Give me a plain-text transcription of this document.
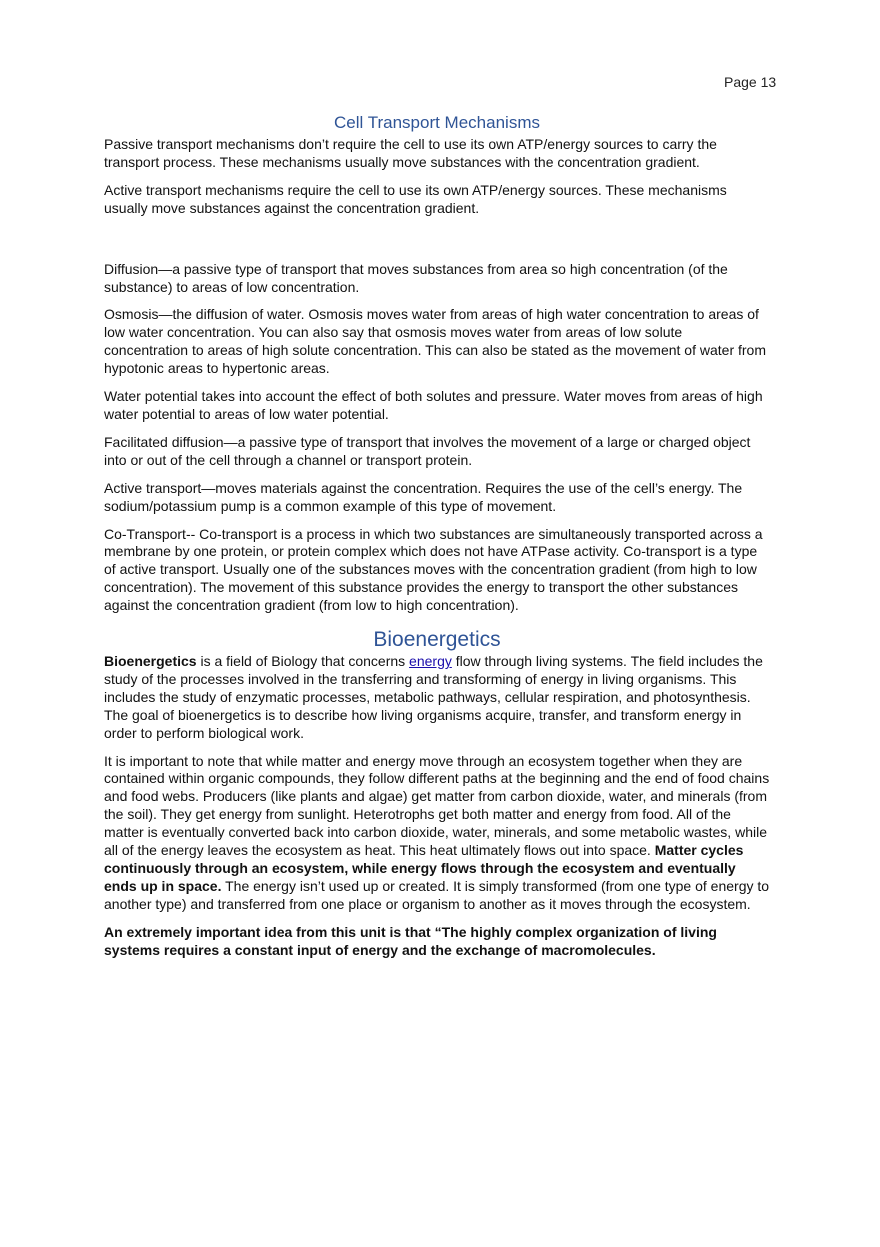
Page 13
Cell Transport Mechanisms

Passive transport mechanisms don’t require the cell to use its own ATP/energy sources to carry the transport process. These mechanisms usually move substances with the concentration gradient.

Active transport mechanisms require the cell to use its own ATP/energy sources. These mechanisms usually move substances against the concentration gradient.

Diffusion—a passive type of transport that moves substances from area so high concentration (of the substance) to areas of low concentration.

Osmosis—the diffusion of water. Osmosis moves water from areas of high water concentration to areas of low water concentration. You can also say that osmosis moves water from areas of low solute concentration to areas of high solute concentration. This can also be stated as the movement of water from hypotonic areas to hypertonic areas.

Water potential takes into account the effect of both solutes and pressure. Water moves from areas of high water potential to areas of low water potential.

Facilitated diffusion—a passive type of transport that involves the movement of a large or charged object into or out of the cell through a channel or transport protein.

Active transport—moves materials against the concentration. Requires the use of the cell’s energy. The sodium/potassium pump is a common example of this type of movement.

Co-Transport-- Co-transport is a process in which two substances are simultaneously transported across a membrane by one protein, or protein complex which does not have ATPase activity. Co-transport is a type of active transport. Usually one of the substances moves with the concentration gradient (from high to low concentration). The movement of this substance provides the energy to transport the other substances against the concentration gradient (from low to high concentration).

Bioenergetics

Bioenergetics is a field of Biology that concerns energy flow through living systems. The field includes the study of the processes involved in the transferring and transforming of energy in living organisms. This includes the study of enzymatic processes, metabolic pathways, cellular respiration, and photosynthesis. The goal of bioenergetics is to describe how living organisms acquire, transfer, and transform energy in order to perform biological work.

It is important to note that while matter and energy move through an ecosystem together when they are contained within organic compounds, they follow different paths at the beginning and the end of food chains and food webs. Producers (like plants and algae) get matter from carbon dioxide, water, and minerals (from the soil). They get energy from sunlight. Heterotrophs get both matter and energy from food. All of the matter is eventually converted back into carbon dioxide, water, minerals, and some metabolic wastes, while all of the energy leaves the ecosystem as heat. This heat ultimately flows out into space. Matter cycles continuously through an ecosystem, while energy flows through the ecosystem and eventually ends up in space. The energy isn’t used up or created. It is simply transformed (from one type of energy to another type) and transferred from one place or organism to another as it moves through the ecosystem.

An extremely important idea from this unit is that “The highly complex organization of living systems requires a constant input of energy and the exchange of macromolecules.
